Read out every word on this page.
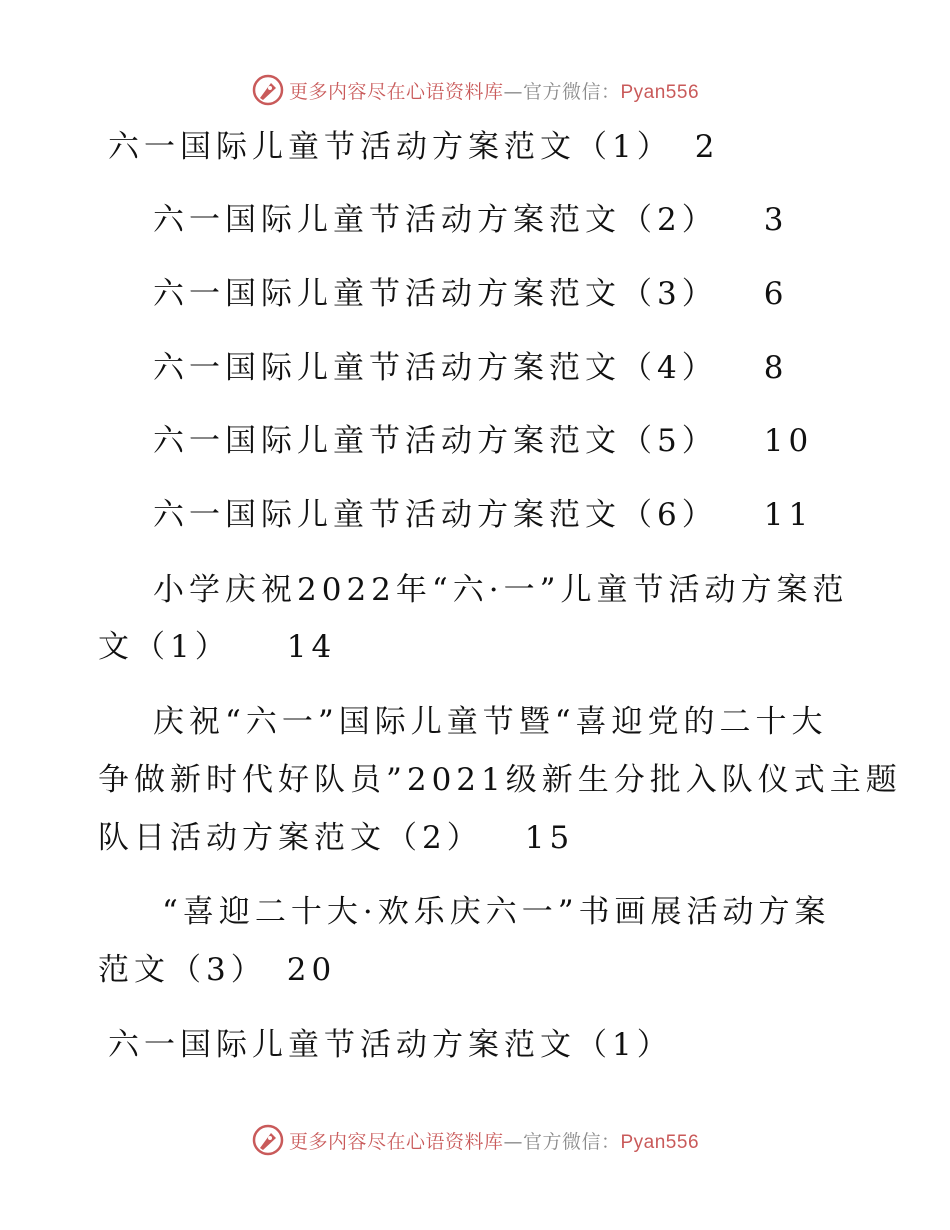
更多内容尽在心语资料库—官方微信：Pyan556
六一国际儿童节活动方案范文（1） 2
六一国际儿童节活动方案范文（2） 3
六一国际儿童节活动方案范文（3） 6
六一国际儿童节活动方案范文（4） 8
六一国际儿童节活动方案范文（5） 10
六一国际儿童节活动方案范文（6） 11
小学庆祝2022年“六·一”儿童节活动方案范
文（1） 14
庆祝“六一”国际儿童节暨“喜迎党的二十大
争做新时代好队员”2021级新生分批入队仪式主题
队日活动方案范文（2） 15
“喜迎二十大·欢乐庆六一”书画展活动方案
范文（3） 20
六一国际儿童节活动方案范文（1）
更多内容尽在心语资料库—官方微信：Pyan556
